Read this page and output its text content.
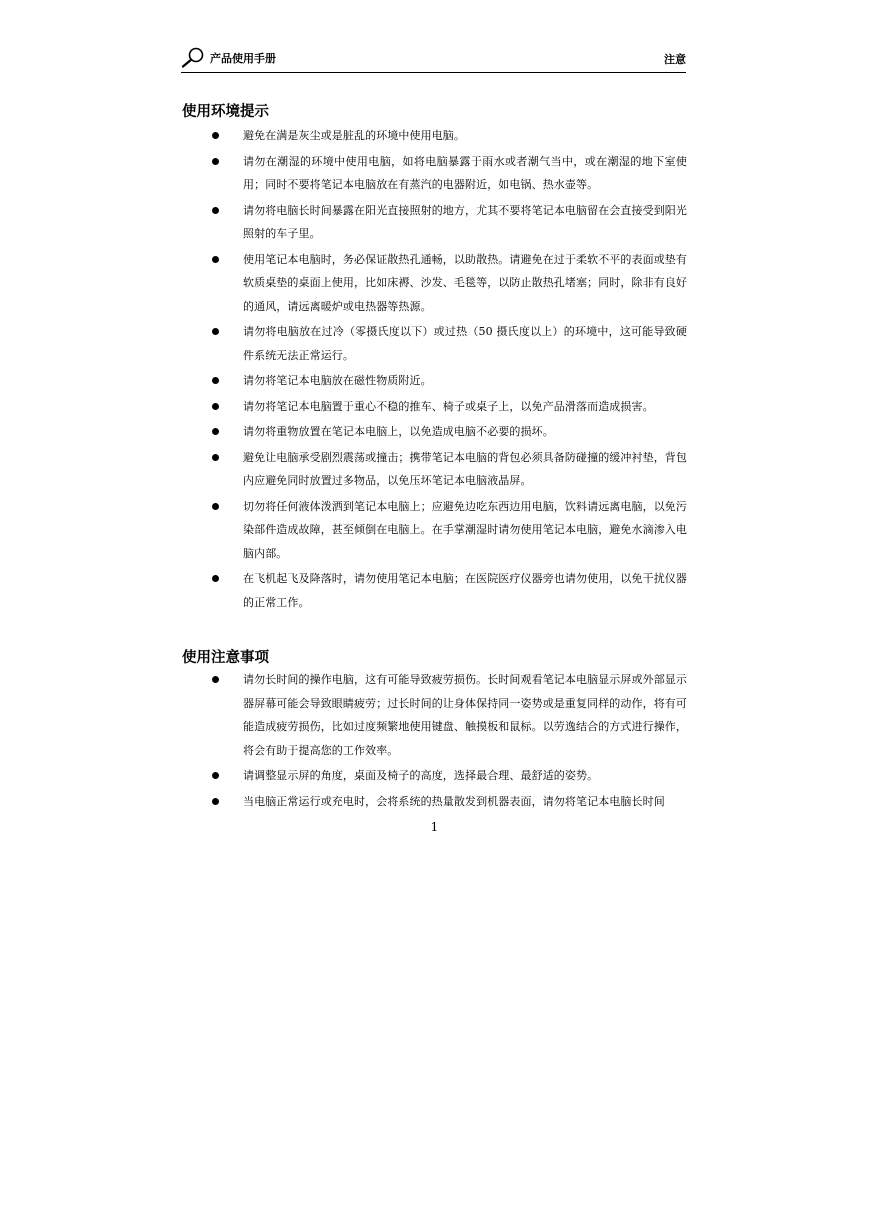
产品使用手册	注意
使用环境提示
避免在满是灰尘或是脏乱的环境中使用电脑。
请勿在潮湿的环境中使用电脑，如将电脑暴露于雨水或者潮气当中，或在潮湿的地下室使用；同时不要将笔记本电脑放在有蒸汽的电器附近，如电锅、热水壶等。
请勿将电脑长时间暴露在阳光直接照射的地方，尤其不要将笔记本电脑留在会直接受到阳光照射的车子里。
使用笔记本电脑时，务必保证散热孔通畅，以助散热。请避免在过于柔软不平的表面或垫有软质桌垫的桌面上使用，比如床褥、沙发、毛毯等，以防止散热孔堵塞；同时，除非有良好的通风，请远离暖炉或电热器等热源。
请勿将电脑放在过冷（零摄氏度以下）或过热（50 摄氏度以上）的环境中，这可能导致硬件系统无法正常运行。
请勿将笔记本电脑放在磁性物质附近。
请勿将笔记本电脑置于重心不稳的推车、椅子或桌子上，以免产品滑落而造成损害。
请勿将重物放置在笔记本电脑上，以免造成电脑不必要的损坏。
避免让电脑承受剧烈震荡或撞击；携带笔记本电脑的背包必须具备防碰撞的缓冲衬垫，背包内应避免同时放置过多物品，以免压坏笔记本电脑液晶屏。
切勿将任何液体泼洒到笔记本电脑上；应避免边吃东西边用电脑，饮料请远离电脑，以免污染部件造成故障，甚至倾倒在电脑上。在手掌潮湿时请勿使用笔记本电脑，避免水滴渗入电脑内部。
在飞机起飞及降落时，请勿使用笔记本电脑；在医院医疗仪器旁也请勿使用，以免干扰仪器的正常工作。
使用注意事项
请勿长时间的操作电脑，这有可能导致疲劳损伤。长时间观看笔记本电脑显示屏或外部显示器屏幕可能会导致眼睛疲劳；过长时间的让身体保持同一姿势或是重复同样的动作，将有可能造成疲劳损伤，比如过度频繁地使用键盘、触摸板和鼠标。以劳逸结合的方式进行操作，将会有助于提高您的工作效率。
请调整显示屏的角度，桌面及椅子的高度，选择最合理、最舒适的姿势。
当电脑正常运行或充电时，会将系统的热量散发到机器表面，请勿将笔记本电脑长时间
1
